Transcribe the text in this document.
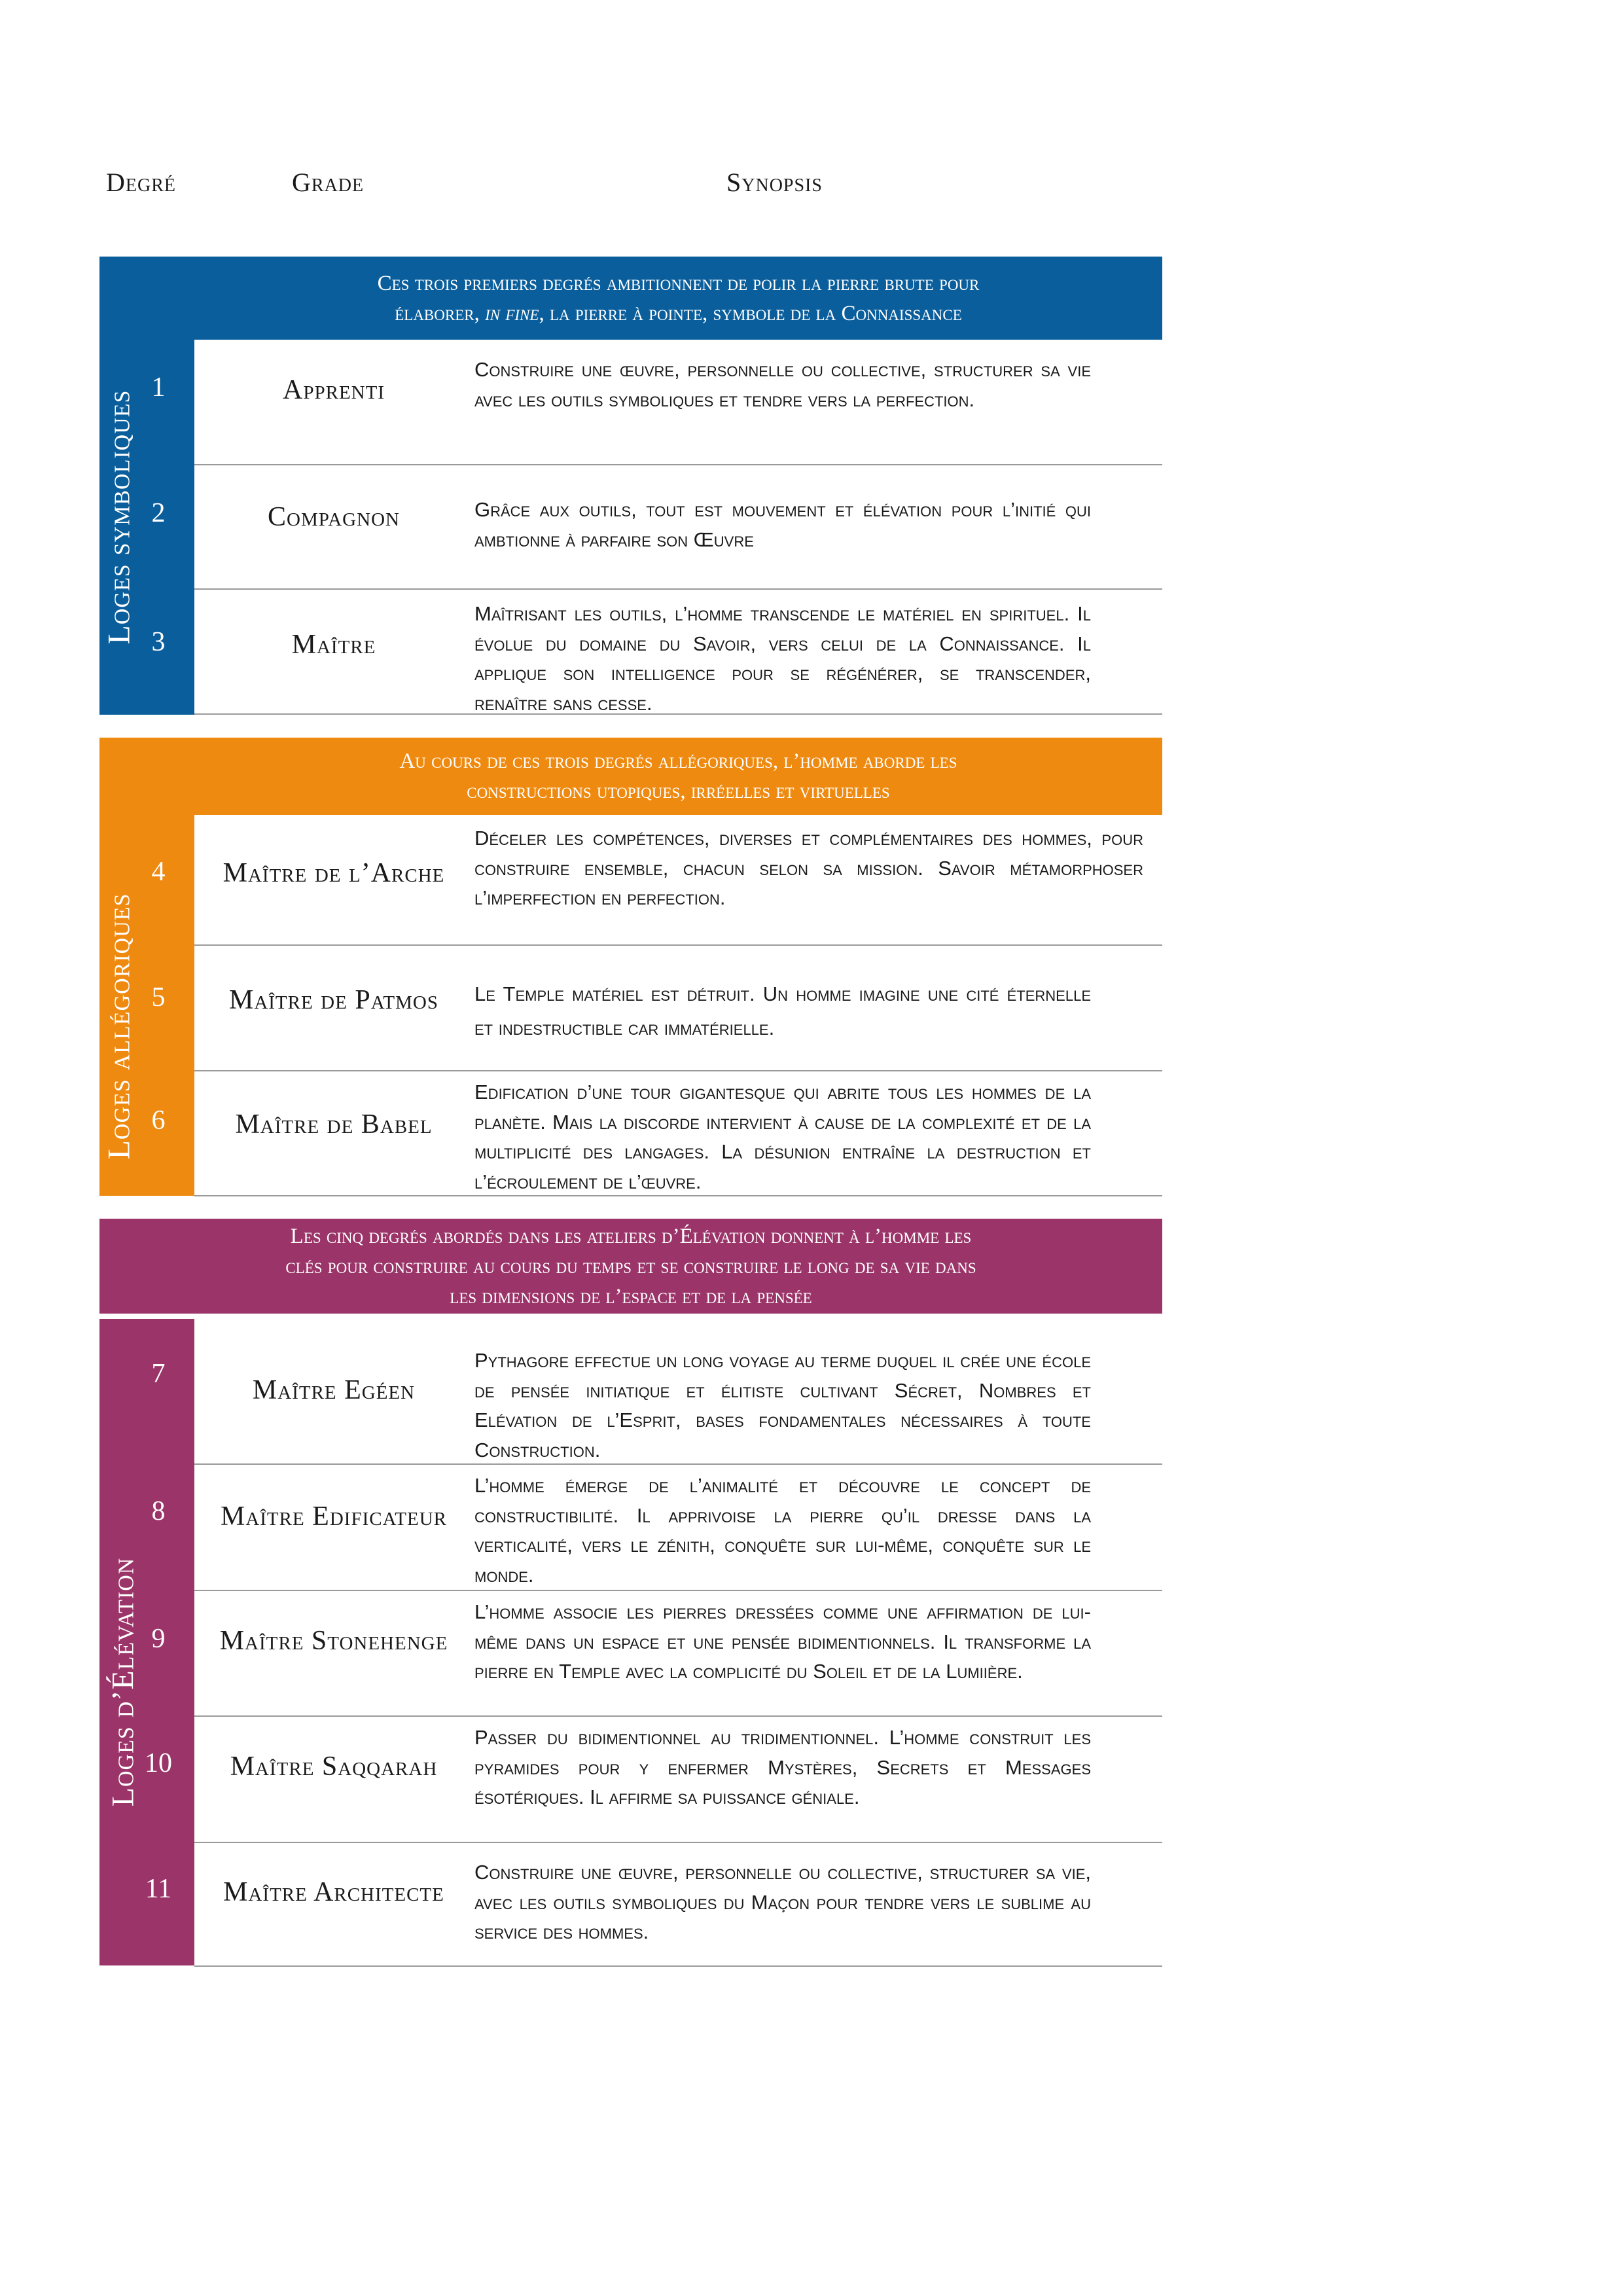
Degré	Grade	Synopsis
Ces trois premiers degrés ambitionnent de polir la pierre brute pour
élaborer, in fine, la pierre à pointe, symbole de la Connaissance
Loges symboliques
1	Apprenti
Construire une œuvre, personnelle ou collective, structurer sa vie avec les outils symboliques et tendre vers la perfection.
2	Compagnon	Grâce aux outils, tout est mouvement et élévation pour l’initié qui ambtionne à parfaire son Œuvre
3	Maître
Maîtrisant les outils, l’homme transcende le matériel en spirituel. Il évolue du domaine du Savoir, vers celui de la Connaissance. Il applique son intelligence pour se régénérer, se transcender, renaître sans cesse.
Au cours de ces trois degrés allégoriques, l’homme aborde les
constructions utopiques, irréelles et virtuelles
Loges allégoriques
4	Maître de l’Arche
Déceler les compétences, diverses et complémentaires des hommes, pour construire ensemble, chacun selon sa mission. Savoir métamorphoser l’imperfection en perfection.
5	Maître de Patmos	Le Temple matériel est détruit. Un homme imagine une cité éternelle et indestructible car immatérielle.
6	Maître de Babel
Edification d’une tour gigantesque qui abrite tous les hommes de la planète. Mais la discorde intervient à cause de la complexité et de la multiplicité des langages. La désunion entraîne la destruction et l’écroulement de l’œuvre.
Les cinq degrés abordés dans les ateliers d’Élévation donnent à l’homme les
clés pour construire au cours du temps et se construire le long de sa vie dans
les dimensions de l’espace et de la pensée
Loges d’Élévation
7
Maître Egéen
Pythagore effectue un long voyage au terme duquel il crée une école de pensée initiatique et élitiste cultivant Sécret, Nombres et Elévation de l’Esprit, bases fondamentales nécessaires à toute Construction.
8	Maître Edificateur
L’homme émerge de l’animalité et découvre le concept de constructibilité. Il apprivoise la pierre qu’il dresse dans la verticalité, vers le zénith, conquête sur lui-même, conquête sur le monde.
9	Maître Stonehenge
L’homme associe les pierres dressées comme une affirmation de lui-même dans un espace et une pensée bidimentionnels. Il transforme la pierre en Temple avec la complicité du Soleil et de la Lumiière.
10	Maître Saqqarah
Passer du bidimentionnel au tridimentionnel. L’homme construit les pyramides pour y enfermer Mystères, Secrets et Messages ésotériques. Il affirme sa puissance géniale.
11	Maître Architecte
Construire une œuvre, personnelle ou collective, structurer sa vie, avec les outils symboliques du Maçon pour tendre vers le sublime au service des hommes.
